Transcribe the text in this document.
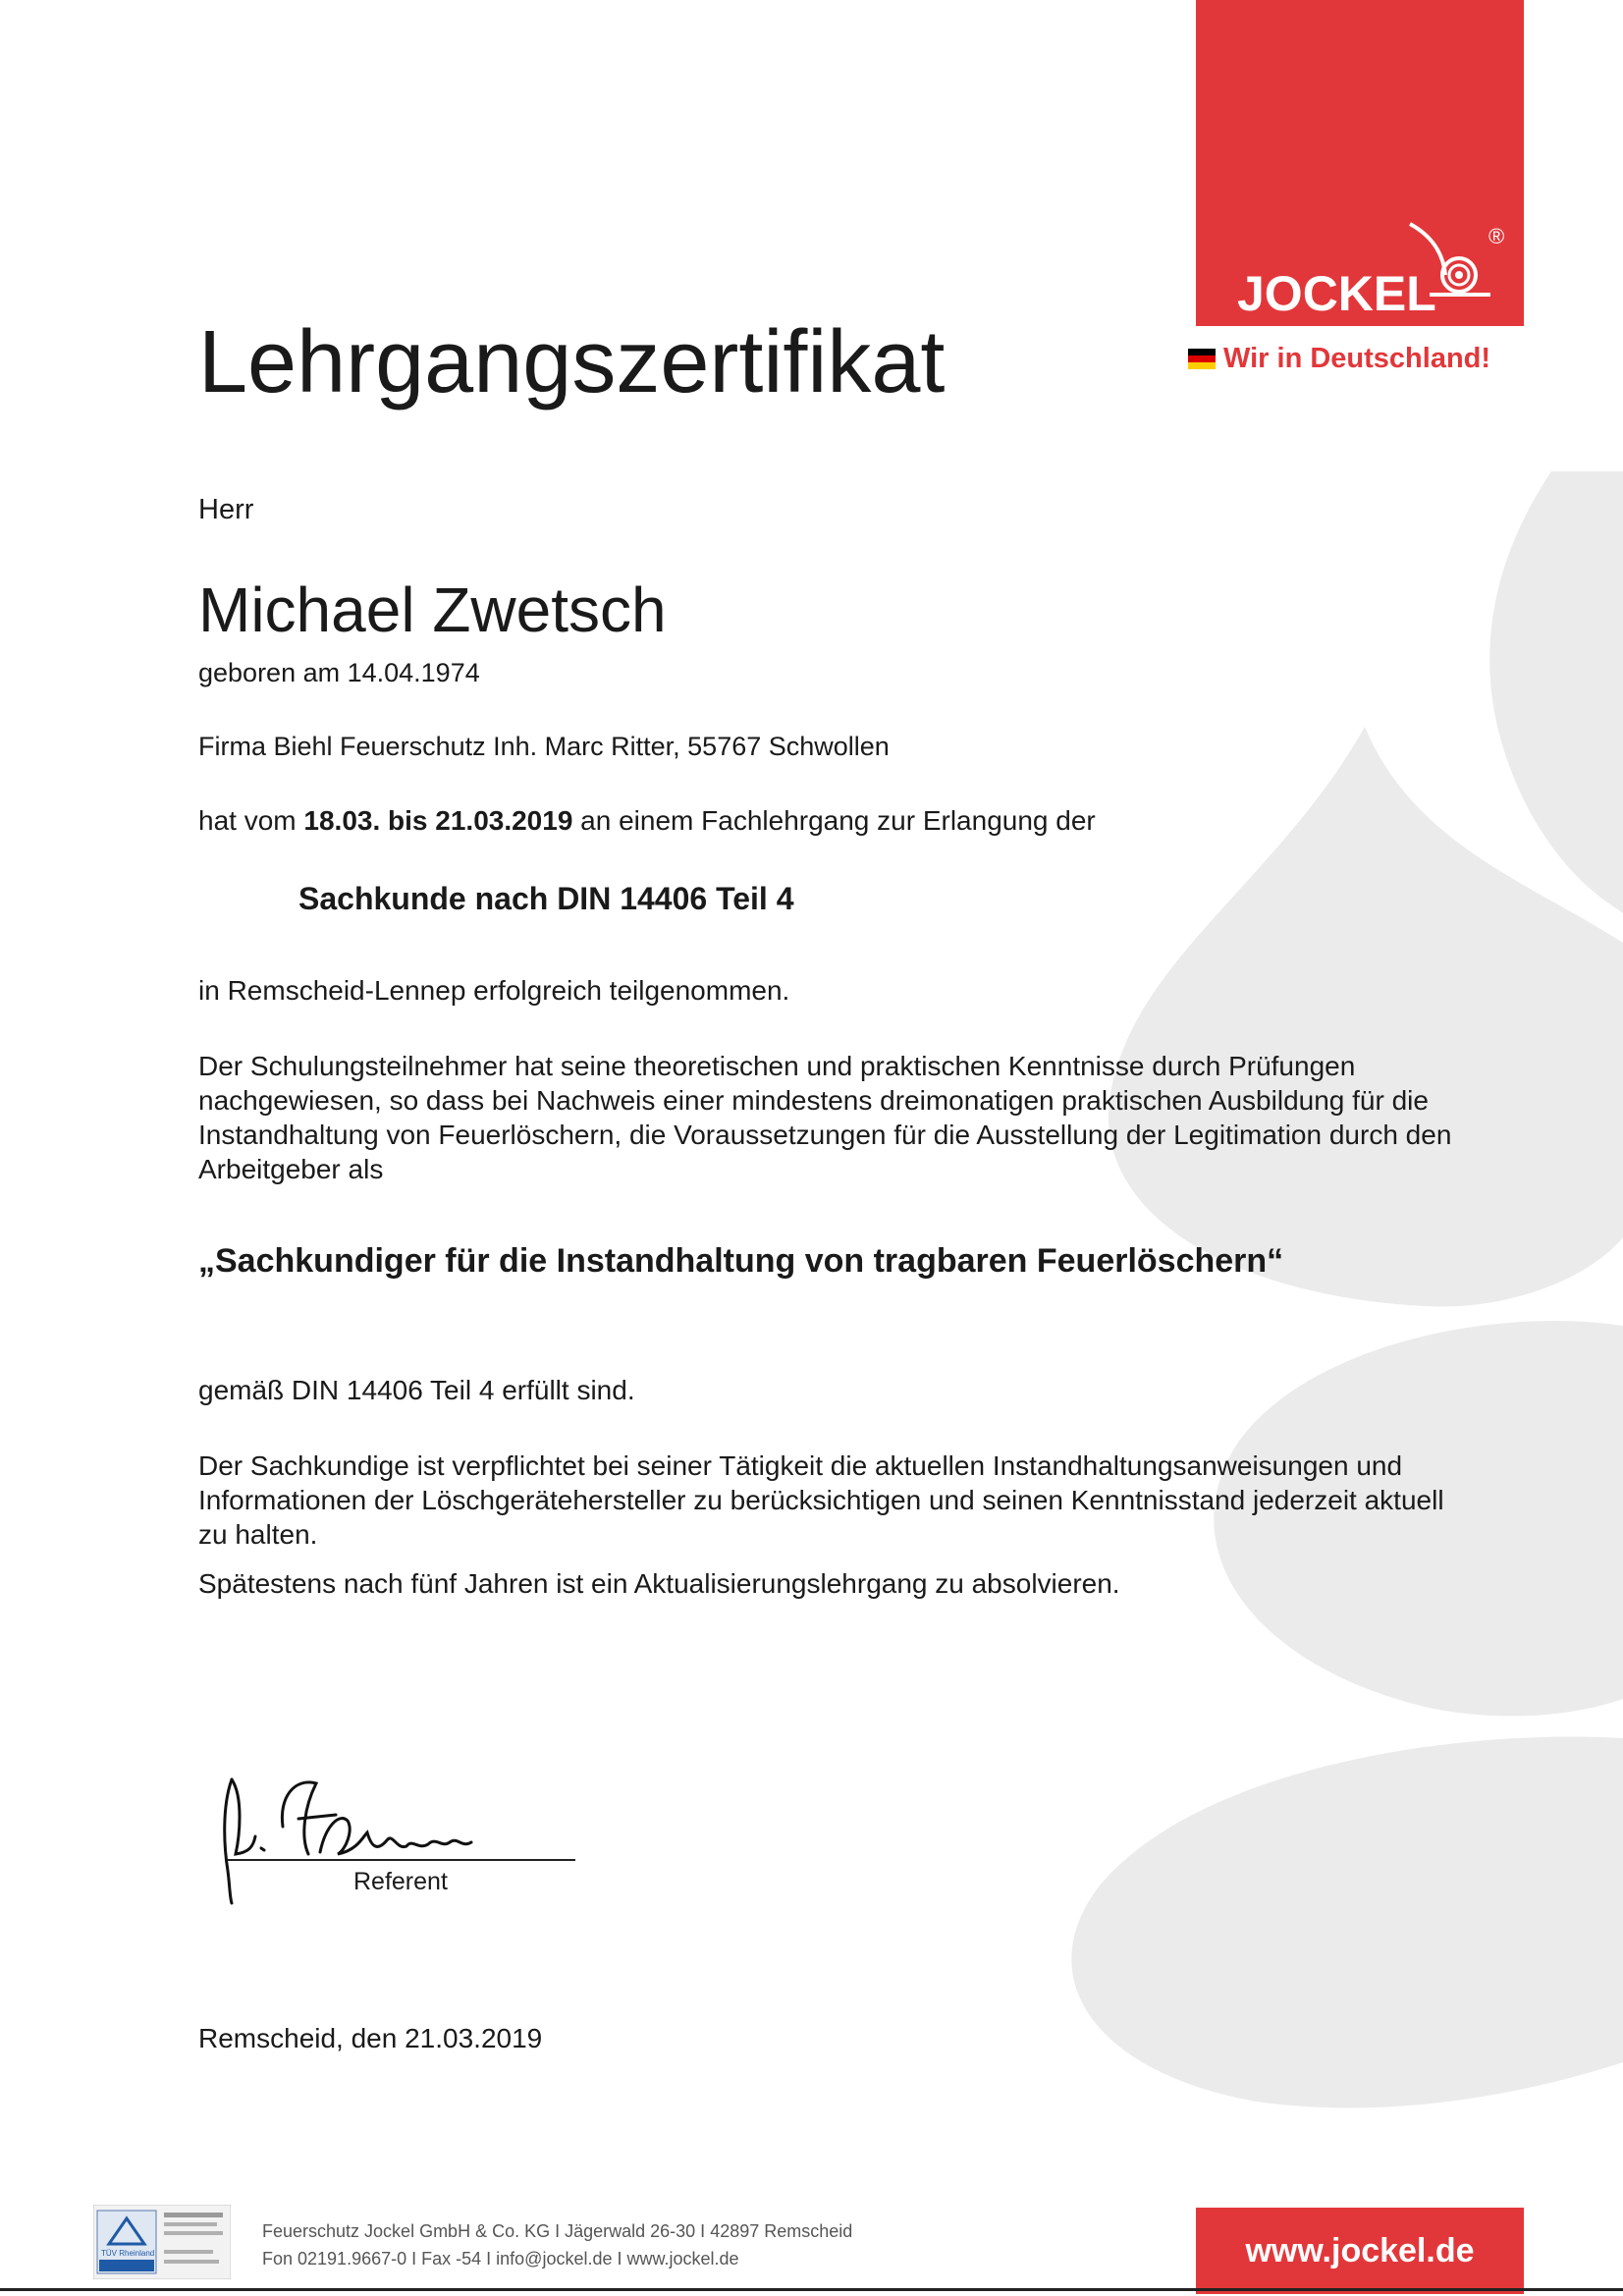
JOCKEL
®
Wir in Deutschland!
Lehrgangszertifikat
Herr
Michael Zwetsch
geboren am 14.04.1974
Firma Biehl Feuerschutz Inh. Marc Ritter, 55767 Schwollen
hat vom 18.03. bis 21.03.2019 an einem Fachlehrgang zur Erlangung der
Sachkunde nach DIN 14406 Teil 4
in Remscheid-Lennep erfolgreich teilgenommen.
Der Schulungsteilnehmer hat seine theoretischen und praktischen Kenntnisse durch Prüfungen nachgewiesen, so dass bei Nachweis einer mindestens dreimonatigen praktischen Ausbildung für die Instandhaltung von Feuerlöschern, die Voraussetzungen für die Ausstellung der Legitimation durch den Arbeitgeber als
„Sachkundiger für die Instandhaltung von tragbaren Feuerlöschern“
gemäß DIN 14406 Teil 4 erfüllt sind.
Der Sachkundige ist verpflichtet bei seiner Tätigkeit die aktuellen Instandhaltungsanweisungen und Informationen der Löschgerätehersteller zu berücksichtigen und seinen Kenntnisstand jederzeit aktuell zu halten.
Spätestens nach fünf Jahren ist ein Aktualisierungslehrgang zu absolvieren.
Referent
Remscheid, den 21.03.2019
TÜV Rheinland
Feuerschutz Jockel GmbH & Co. KG I Jägerwald 26-30 I 42897 Remscheid
Fon 02191.9667-0 I Fax -54 I info@jockel.de I www.jockel.de	www.jockel.de
